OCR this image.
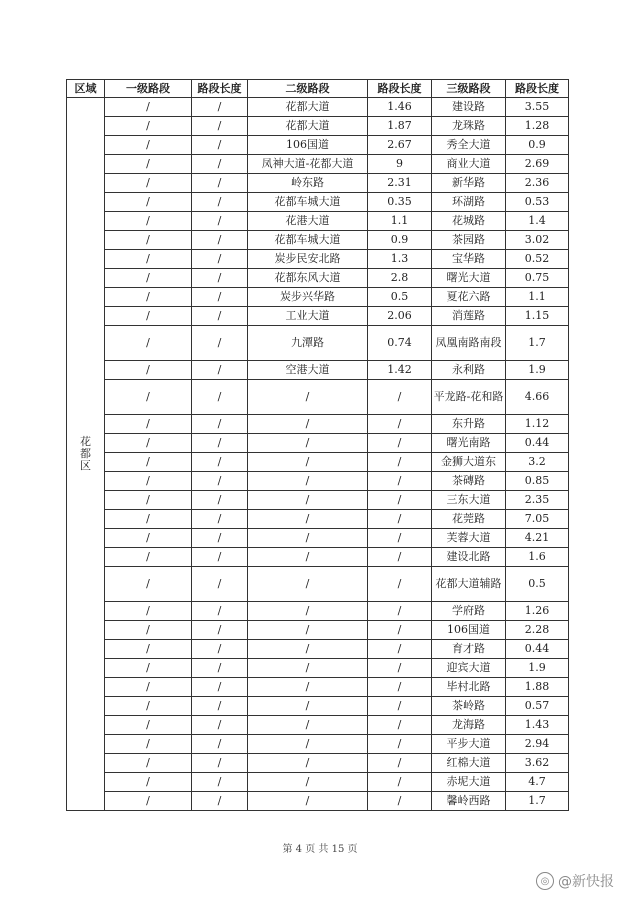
区域	一级路段	路段长度	二级路段	路段长度	三级路段	路段长度

花
都
区	/	/	花都大道	1.46	建设路	3.55
	/	/	花都大道	1.87	龙珠路	1.28
	/	/	106国道	2.67	秀全大道	0.9
	/	/	凤神大道-花都大道	9	商业大道	2.69
	/	/	岭东路	2.31	新华路	2.36
	/	/	花都车城大道	0.35	环湖路	0.53
	/	/	花港大道	1.1	花城路	1.4
	/	/	花都车城大道	0.9	茶园路	3.02
	/	/	炭步民安北路	1.3	宝华路	0.52
	/	/	花都东风大道	2.8	曙光大道	0.75
	/	/	炭步兴华路	0.5	夏花六路	1.1
	/	/	工业大道	2.06	消莲路	1.15
	/	/	九潭路	0.74	凤凰南路南段	1.7
	/	/	空港大道	1.42	永利路	1.9
	/	/	/	/	平龙路-花和路	4.66
	/	/	/	/	东升路	1.12
	/	/	/	/	曙光南路	0.44
	/	/	/	/	金狮大道东	3.2
	/	/	/	/	茶磚路	0.85
	/	/	/	/	三东大道	2.35
	/	/	/	/	花莞路	7.05
	/	/	/	/	芙蓉大道	4.21
	/	/	/	/	建设北路	1.6
	/	/	/	/	花都大道辅路	0.5
	/	/	/	/	学府路	1.26
	/	/	/	/	106国道	2.28
	/	/	/	/	育才路	0.44
	/	/	/	/	迎宾大道	1.9
	/	/	/	/	毕村北路	1.88
	/	/	/	/	茶岭路	0.57
	/	/	/	/	龙海路	1.43
	/	/	/	/	平步大道	2.94
	/	/	/	/	红棉大道	3.62
	/	/	/	/	赤坭大道	4.7
	/	/	/	/	馨岭西路	1.7
第 4 页 共 15 页
◎ @新快报
